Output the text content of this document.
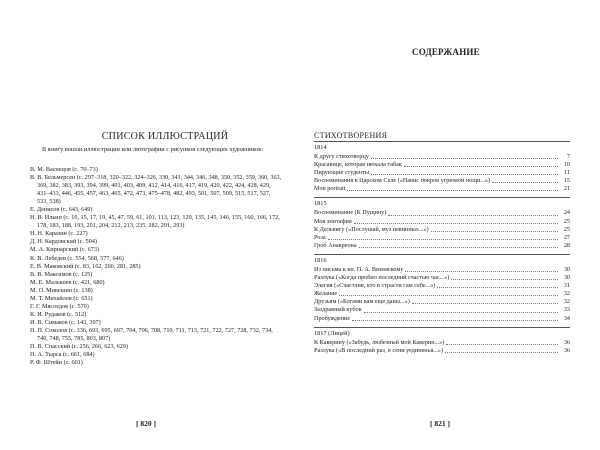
СПИСОК ИЛЛЮСТРАЦИЙ

В книгу вошли иллюстрации или литографии с рисунков следующих художников:

В. М. Васнецов (с. 70–73)
В. В. Бельмерсен (с. 297–318, 320–322, 324–326, 330, 341, 344, 346, 348, 350, 352, 359, 360, 363, 369, 382, 383, 393, 394, 399, 401, 403, 409, 412, 414, 416, 417, 419, 420, 422, 424, 428, 429, 431–433, 446, 455, 457, 463, 465, 472, 473, 475–478, 482, 493, 501, 507, 509, 515, 517, 527, 533, 538)
Е. Денисов (с. 643, 649)
Н. В. Ильин (с. 10, 15, 17, 19, 45, 47, 59, 61, 101, 113, 123, 129, 135, 145, 146, 155, 160, 166, 172, 178, 183, 188, 193, 201, 204, 212, 213, 235, 282, 291, 293)
Н. Н. Каразин (с. 227)
Д. Н. Кардовский (с. 504)
М. А. Кирнарский (с. 673)
К. В. Лебедев (с. 554, 568, 577, 646)
Е. В. Маковский (с. 83, 162, 260, 281, 285)
В. В. Максимов (с. 125)
М. Е. Малышев (с. 421, 680)
М. О. Микешин (с. 138)
М. Т. Михайлов (с. 651)
Г. Г. Мясоедов (с. 570)
К. И. Рудаков (с. 512)
И. В. Симаков (с. 143, 397)
Н. П. Соколов (с. 336, 693, 695, 697, 704, 706, 708, 710, 711, 713, 721, 722, 727, 728, 732, 734, 740, 748, 755, 785, 803, 807)
П. В. Спасский (с. 256, 266, 623, 629)
Н. А. Тырса (с. 661, 684)
Р. Ф. Штейн (с. 601)
[ 820 ]
СОДЕРЖАНИЕ
СТИХОТВОРЕНИЯ
1814
К другу стихотворцу	7
Красавице, которая нюхала табак	10
Пирующие студенты	11
Воспоминания в Царском Селе («Навис покров угрюмой нощи...»)	15
Mon portrait	21
1815
Воспоминание (К Пущину)	24
Моя эпитафия	25
К Дельвигу («Послушай, муз невинных...»)	25
Роза	27
Гроб Анакреона	28
1816
Из письма к кн. П. А. Вяземскому	30
Разлука («Когда пробил последний счастью час...»)	30
Элегия («Счастлив, кто в страсти сам себе...»)	31
Желание	32
Друзьям («Богами вам еще даны...»)	32
Заздравный кубок	33
Пробуждение	34
1817 (Лицей)
К Каверину («Забудь, любезный мой Каверин...»)	36
Разлука («В последний раз, в сени уединенья...»)	36
[ 821 ]
